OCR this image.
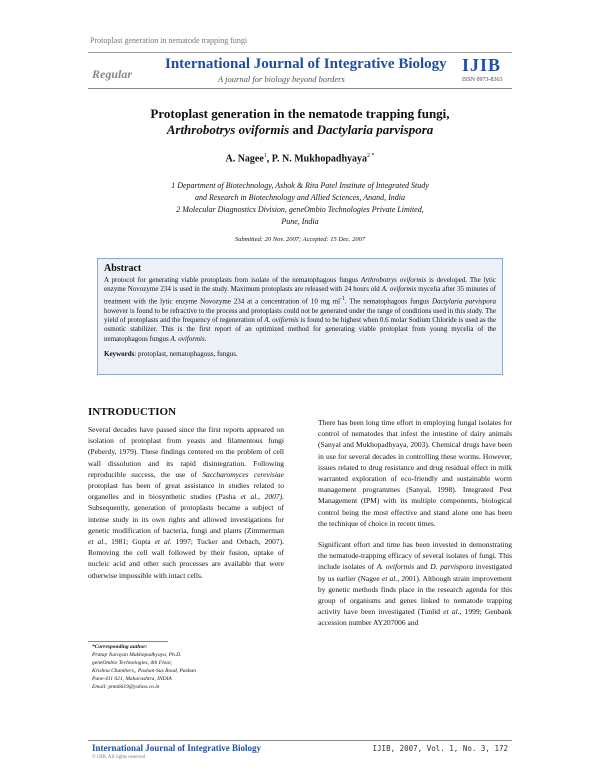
Protoplast generation in nematode trapping fungi
Regular
International Journal of Integrative Biology
A journal for biology beyond borders
IJIB
ISSN 0973-8363
Protoplast generation in the nematode trapping fungi,
Arthrobotrys oviformis and Dactylaria parvispora
A. Nagee$^1$, P. N. Mukhopadhyaya$^{2 *}$
1 Department of Biotechnology, Ashok & Rita Patel Institute of Integrated Study
and Research in Biotechnology and Allied Sciences, Anand, India
2 Molecular Diagnostics Division, geneOmbio Technologies Private Limited,
Pune, India
Submitted: 20 Nov. 2007; Accepted: 15 Dec. 2007
Abstract

A protocol for generating viable protoplasts from isolate of the nematophagous fungus Arthrobotrys oviformis is developed. The lytic enzyme Novozyme 234 is used in the study. Maximum protoplasts are released with 24 hours old A. oviformis mycelia after 35 minutes of treatment with the lytic enzyme Novozyme 234 at a concentration of 10 mg $ml^{-1}$. The nematophagous fungus Dactylaria parvispora however is found to be refractive to the process and protoplasts could not be generated under the range of conditions used in this study. The yield of protoplasts and the frequency of regeneration of A. oviformis is found to be highest when 0.6 molar Sodium Chloride is used as the osmotic stabilizer. This is the first report of an optimized method for generating viable protoplast from young mycelia of the nematophagous fungus A. oviformis.

Keywords: protoplast, nematophagous, fungus.

INTRODUCTION

Several decades have passed since the first reports appeared on isolation of protoplast from yeasts and filamentous fungi (Peberdy, 1979). These findings centered on the problem of cell wall dissolution and its rapid disintegration. Following reproducible success, the use of Saccharomyces cerevisiae protoplast has been of great assistance in studies related to organelles and in biosynthetic studies (Pasha et al., 2007). Subsequently, generation of protoplasts became a subject of intense study in its own rights and allowed investigations for genetic modification of bacteria, fungi and plants (Zimmerman et al., 1981; Gupta et al. 1997; Tucker and Orbach, 2007). Removing the cell wall followed by their fusion, uptake of nucleic acid and other such processes are available that were otherwise impossible with intact cells.

There has been long time effort in employing fungal isolates for control of nematodes that infest the intestine of dairy animals (Sanyal and Mukhopadhyaya, 2003). Chemical drugs have been in use for several decades in controlling these worms. However, issues related to drug resistance and drug residual effect in milk warranted exploration of eco-friendly and sustainable worm management programmes (Sanyal, 1998). Integrated Pest Management (IPM) with its multiple components, biological control being the most effective and stand alone one has been the technique of choice in recent times.

Significant effort and time has been invested in demonstrating the nematode-trapping efficacy of several isolates of fungi. This include isolates of A. oviformis and D. parvispora investigated by us earlier (Nagee et al., 2001). Although strain improvement by genetic methods finds place in the research agenda for this group of organisms and genes linked to nematode trapping activity have been investigated (Tunlid et al., 1999; Genbank accession number AY207006 and

*Corresponding author:
Pratap Narayan Mukhopadhyaya, Ph.D.
geneOmbio Technologies, 4th Floor,
Krishna Chambers,, Pashan-Sus Road, Pashan
Pune-411 021, Maharashtra, INDIA
Email: pnm6619@yahoo.co.in
International Journal of Integrative Biology
© IJIB, All rights reserved
IJIB, 2007, Vol. 1, No. 3, 172
